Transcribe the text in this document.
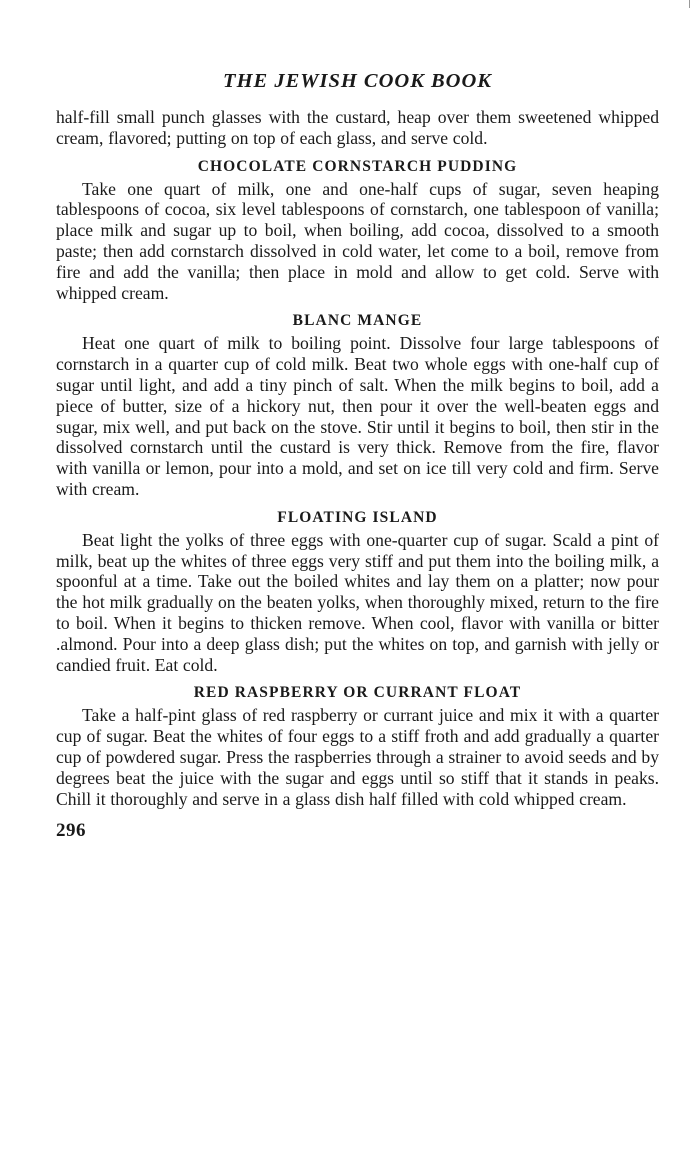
THE JEWISH COOK BOOK

half-fill small punch glasses with the custard, heap over them sweetened whipped cream, flavored; putting on top of each glass, and serve cold.

CHOCOLATE CORNSTARCH PUDDING

Take one quart of milk, one and one-half cups of sugar, seven heaping tablespoons of cocoa, six level tablespoons of cornstarch, one tablespoon of vanilla; place milk and sugar up to boil, when boiling, add cocoa, dissolved to a smooth paste; then add cornstarch dissolved in cold water, let come to a boil, remove from fire and add the vanilla; then place in mold and allow to get cold. Serve with whipped cream.

BLANC MANGE

Heat one quart of milk to boiling point. Dissolve four large tablespoons of cornstarch in a quarter cup of cold milk. Beat two whole eggs with one-half cup of sugar until light, and add a tiny pinch of salt. When the milk begins to boil, add a piece of butter, size of a hickory nut, then pour it over the well-beaten eggs and sugar, mix well, and put back on the stove. Stir until it begins to boil, then stir in the dissolved cornstarch until the custard is very thick. Remove from the fire, flavor with vanilla or lemon, pour into a mold, and set on ice till very cold and firm. Serve with cream.

FLOATING ISLAND

Beat light the yolks of three eggs with one-quarter cup of sugar. Scald a pint of milk, beat up the whites of three eggs very stiff and put them into the boiling milk, a spoonful at a time. Take out the boiled whites and lay them on a platter; now pour the hot milk gradually on the beaten yolks, when thoroughly mixed, return to the fire to boil. When it begins to thicken remove. When cool, flavor with vanilla or bitter .almond. Pour into a deep glass dish; put the whites on top, and garnish with jelly or candied fruit. Eat cold.

RED RASPBERRY OR CURRANT FLOAT

Take a half-pint glass of red raspberry or currant juice and mix it with a quarter cup of sugar. Beat the whites of four eggs to a stiff froth and add gradually a quarter cup of powdered sugar. Press the raspberries through a strainer to avoid seeds and by degrees beat the juice with the sugar and eggs until so stiff that it stands in peaks. Chill it thoroughly and serve in a glass dish half filled with cold whipped cream.

296
